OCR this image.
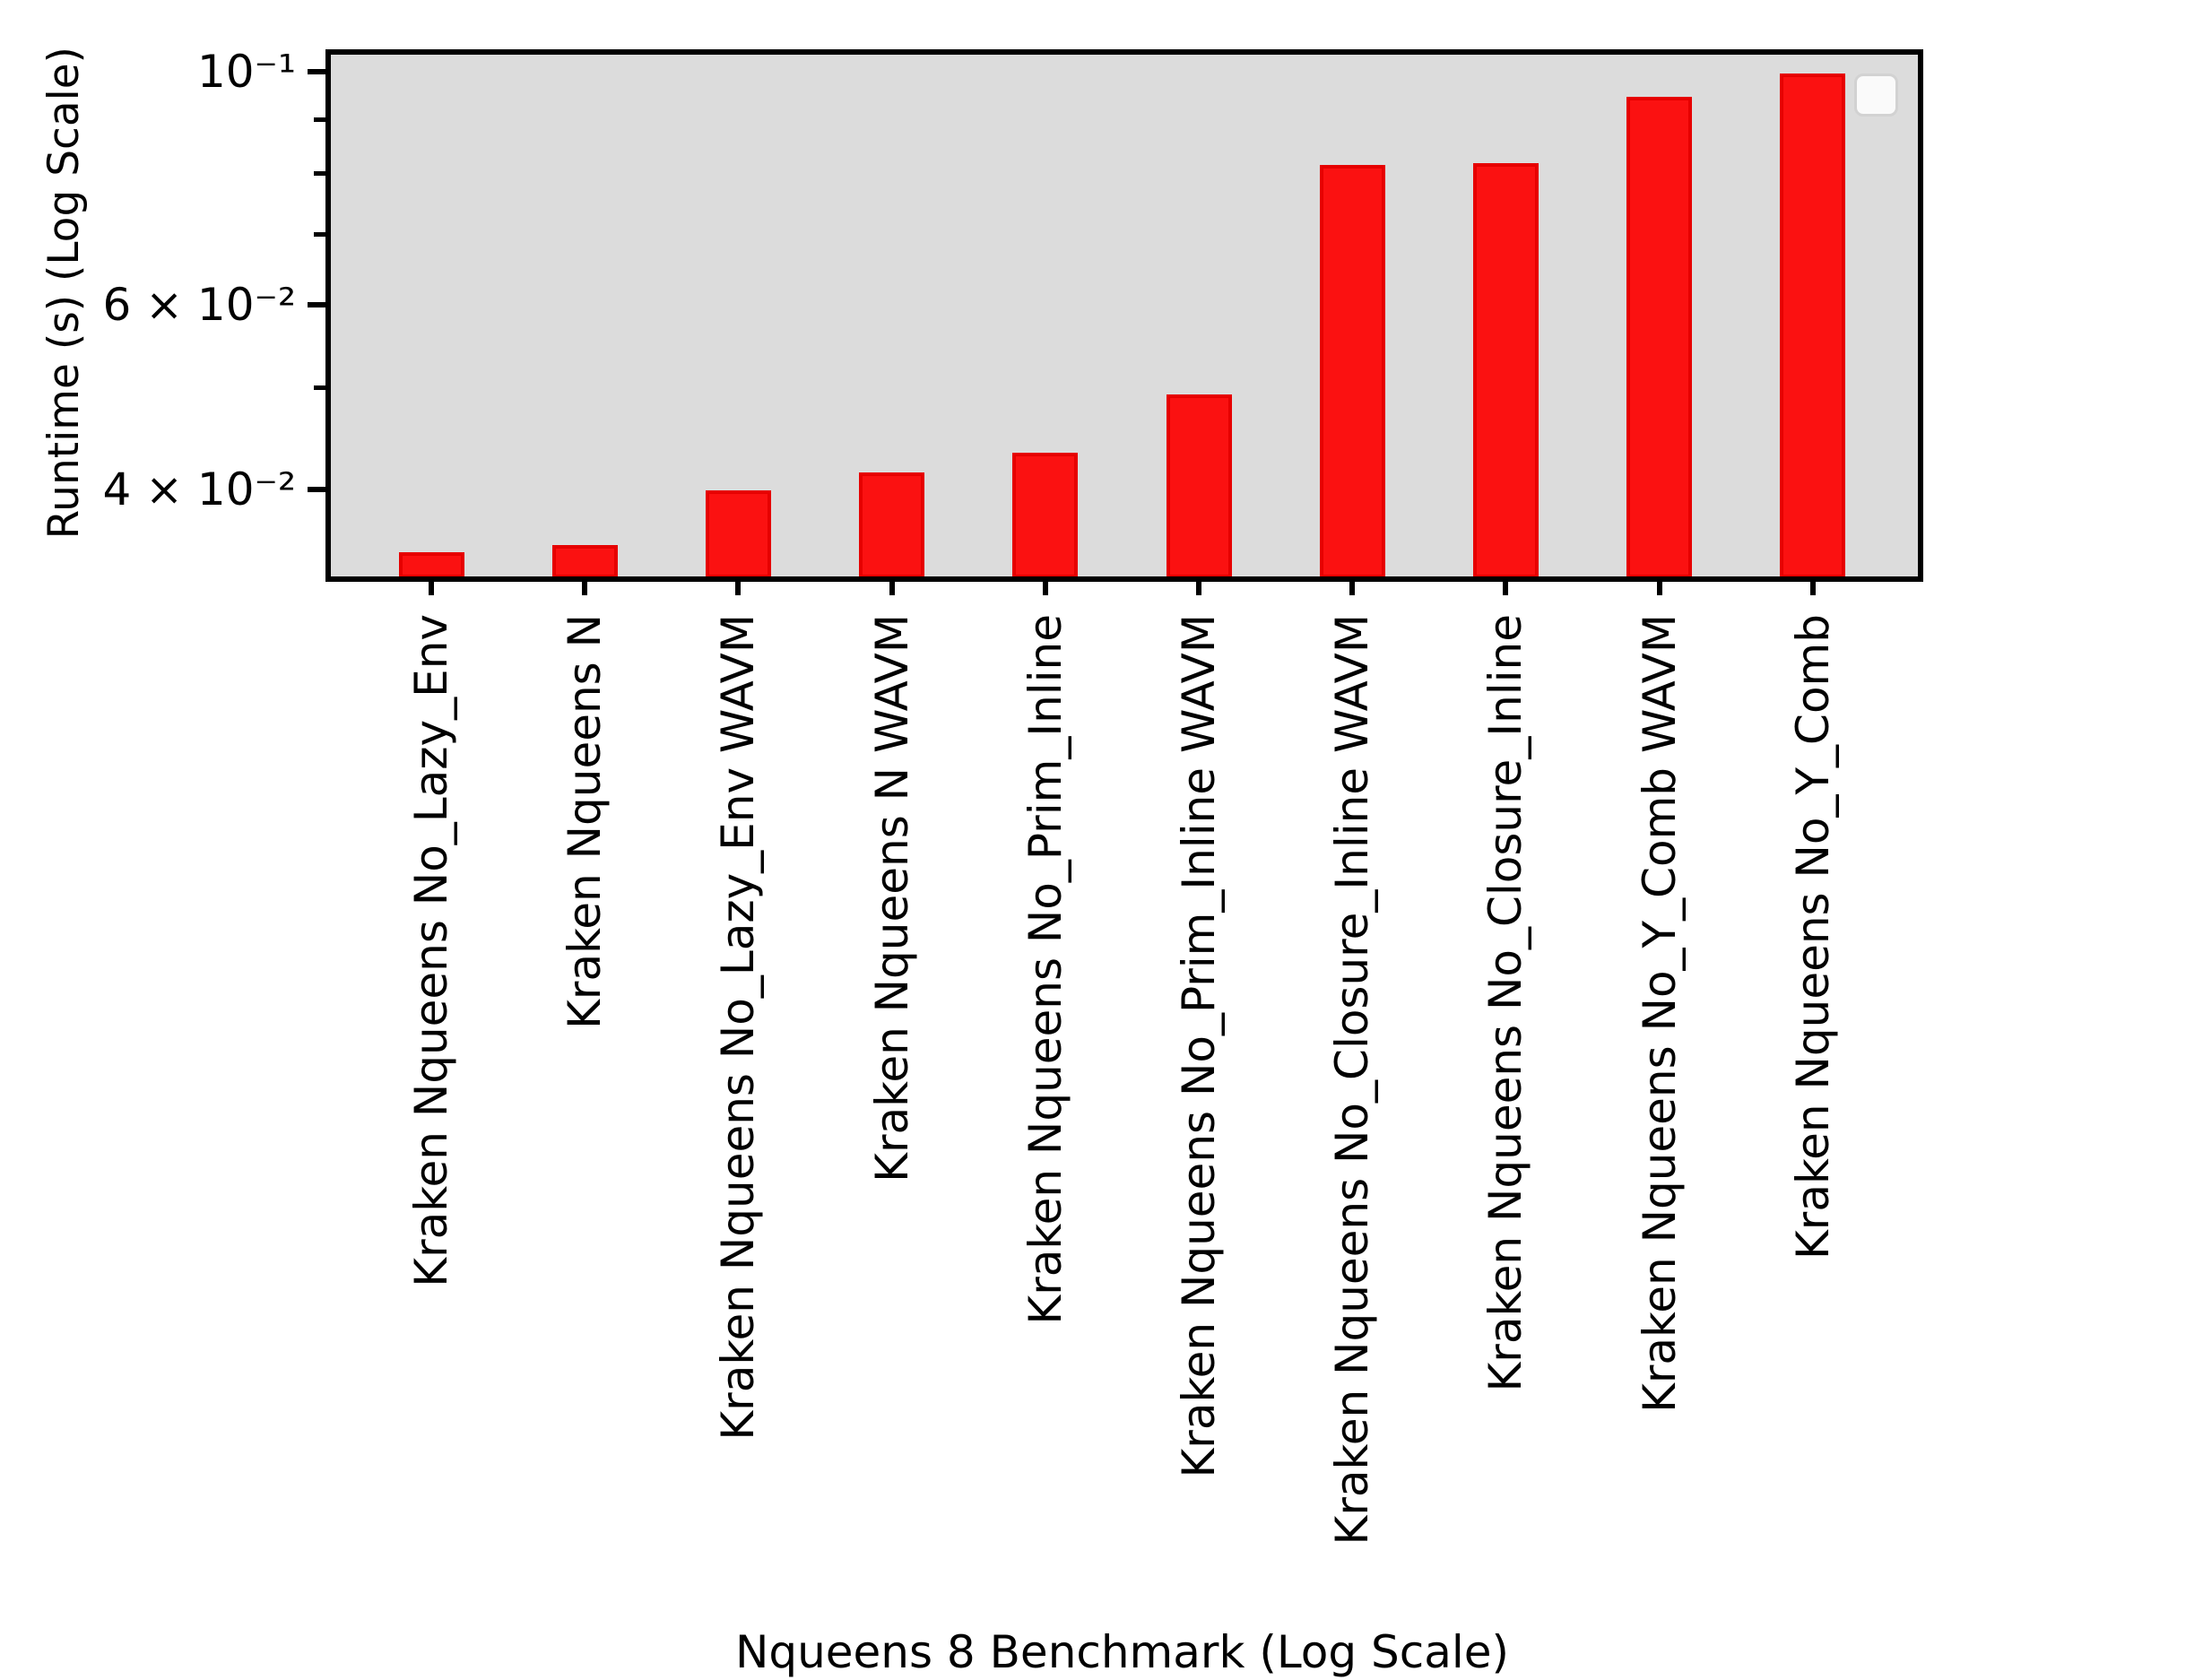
10⁻¹
6 × 10⁻²
4 × 10⁻²
Kraken Nqueens No_Lazy_Env Kraken Nqueens N Kraken Nqueens No_Lazy_Env WAVM Kraken Nqueens N WAVM Kraken Nqueens No_Prim_Inline Kraken Nqueens No_Prim_Inline WAVM Kraken Nqueens No_Closure_Inline WAVM Kraken Nqueens No_Closure_Inline Kraken Nqueens No_Y_Comb WAVM Kraken Nqueens No_Y_Comb
Runtime (s) (Log Scale)
Nqueens 8 Benchmark (Log Scale)
